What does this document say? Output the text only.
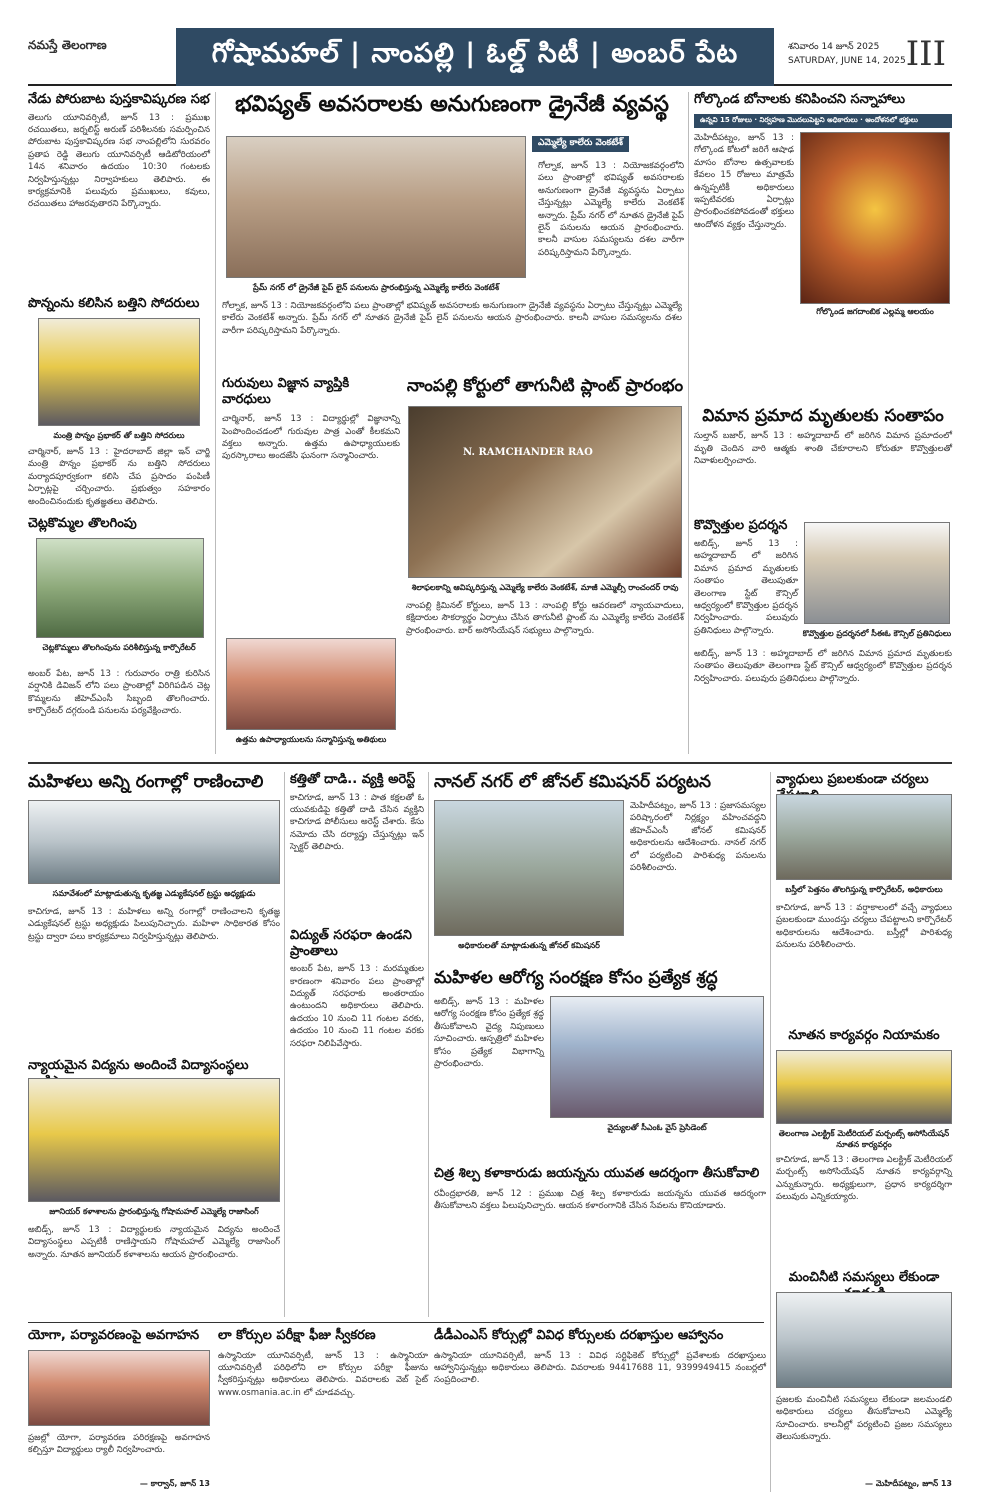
నమస్తే తెలంగాణ	గోషామహల్ | నాంపల్లి | ఓల్డ్ సిటీ | అంబర్ పేట	శనివారం 14 జూన్ 2025
SATURDAY, JUNE 14, 2025 III
నేడు పోరుబాట పుస్తకావిష్కరణ సభ
తెలుగు యూనివర్సిటీ, జూన్ 13 : ప్రముఖ రచయితలు, జర్నలిస్ట్ అరుణ్ పరిశీలనకు సమర్పించిన పోరుబాట పుస్తకావిష్కరణ సభ నాంపల్లిలోని సురవరం ప్రతాప రెడ్డి తెలుగు యూనివర్సిటీ ఆడిటోరియంలో 14న శనివారం ఉదయం 10:30 గంటలకు నిర్వహిస్తున్నట్లు నిర్వాహకులు తెలిపారు. ఈ కార్యక్రమానికి పలువురు ప్రముఖులు, కవులు, రచయితలు హాజరవుతారని పేర్కొన్నారు.
పొన్నంను కలిసిన బత్తిని సోదరులు
మంత్రి పొన్నం ప్రభాకర్ తో బత్తిని సోదరులు
చార్మినార్, జూన్ 13 : హైదరాబాద్ జిల్లా ఇన్ చార్జి మంత్రి పొన్నం ప్రభాకర్ ను బత్తిని సోదరులు మర్యాదపూర్వకంగా కలిసి చేప ప్రసాదం పంపిణీ ఏర్పాట్లపై చర్చించారు. ప్రభుత్వం సహకారం అందించినందుకు కృతజ్ఞతలు తెలిపారు.
చెట్లకొమ్మల తొలగింపు
చెట్లకొమ్మలు తొలగింపును పరిశీలిస్తున్న కార్పొరేటర్
అంబర్ పేట, జూన్ 13 : గురువారం రాత్రి కురిసిన వర్షానికి డివిజన్ లోని పలు ప్రాంతాల్లో విరిగిపడిన చెట్ల కొమ్మలను జీహెచ్ఎంసీ సిబ్బంది తొలగించారు. కార్పొరేటర్ దగ్గరుండి పనులను పర్యవేక్షించారు.
భవిష్యత్ అవసరాలకు అనుగుణంగా డ్రైనేజీ వ్యవస్థ
ఎమ్మెల్యే కాలేరు వెంకటేశ్
ప్రేమ్ నగర్ లో డ్రైనేజీ పైప్ లైన్ పనులను ప్రారంభిస్తున్న ఎమ్మెల్యే కాలేరు వెంకటేశ్
గోల్నాక, జూన్ 13 : నియోజకవర్గంలోని పలు ప్రాంతాల్లో భవిష్యత్ అవసరాలకు అనుగుణంగా డ్రైనేజీ వ్యవస్థను ఏర్పాటు చేస్తున్నట్లు ఎమ్మెల్యే కాలేరు వెంకటేశ్ అన్నారు. ప్రేమ్ నగర్ లో నూతన డ్రైనేజీ పైప్ లైన్ పనులను ఆయన ప్రారంభించారు. కాలనీ వాసుల సమస్యలను దశల వారీగా పరిష్కరిస్తామని పేర్కొన్నారు.
గోల్నాక, జూన్ 13 : నియోజకవర్గంలోని పలు ప్రాంతాల్లో భవిష్యత్ అవసరాలకు అనుగుణంగా డ్రైనేజీ వ్యవస్థను ఏర్పాటు చేస్తున్నట్లు ఎమ్మెల్యే కాలేరు వెంకటేశ్ అన్నారు. ప్రేమ్ నగర్ లో నూతన డ్రైనేజీ పైప్ లైన్ పనులను ఆయన ప్రారంభించారు. కాలనీ వాసుల సమస్యలను దశల వారీగా పరిష్కరిస్తామని పేర్కొన్నారు.
గురువులు విజ్ఞాన వ్యాప్తికి వారధులు
చార్మినార్, జూన్ 13 : విద్యార్థుల్లో విజ్ఞానాన్ని పెంపొందించడంలో గురువుల పాత్ర ఎంతో కీలకమని వక్తలు అన్నారు. ఉత్తమ ఉపాధ్యాయులకు పురస్కారాలు అందజేసి ఘనంగా సన్మానించారు.
ఉత్తమ ఉపాధ్యాయులను సన్మానిస్తున్న అతిథులు
నాంపల్లి కోర్టులో తాగునీటి ప్లాంట్ ప్రారంభం
N. RAMCHANDER RAO
శిలాఫలకాన్ని ఆవిష్కరిస్తున్న ఎమ్మెల్యే కాలేరు వెంకటేశ్, మాజీ ఎమ్మెల్సీ రాంచందర్ రావు
నాంపల్లి క్రిమినల్ కోర్టులు, జూన్ 13 : నాంపల్లి కోర్టు ఆవరణలో న్యాయవాదులు, కక్షిదారుల సౌకర్యార్థం ఏర్పాటు చేసిన తాగునీటి ప్లాంట్ ను ఎమ్మెల్యే కాలేరు వెంకటేశ్ ప్రారంభించారు. బార్ అసోసియేషన్ సభ్యులు పాల్గొన్నారు.
గోల్కొండ బోనాలకు కనిపించని సన్నాహాలు
ఉన్నవి 15 రోజులు · నిర్వహణ మొదలుపెట్టని అధికారులు · ఆందోళనలో భక్తులు
మెహిదీపట్నం, జూన్ 13 : గోల్కొండ కోటలో జరిగే ఆషాఢ మాసం బోనాల ఉత్సవాలకు కేవలం 15 రోజులు మాత్రమే ఉన్నప్పటికీ అధికారులు ఇప్పటివరకు ఏర్పాట్లు ప్రారంభించకపోవడంతో భక్తులు ఆందోళన వ్యక్తం చేస్తున్నారు.
గోల్కొండ జగదాంబిక ఎల్లమ్మ ఆలయం
విమాన ప్రమాద మృతులకు సంతాపం
సుల్తాన్ బజార్, జూన్ 13 : అహ్మదాబాద్ లో జరిగిన విమాన ప్రమాదంలో మృతి చెందిన వారి ఆత్మకు శాంతి చేకూరాలని కోరుతూ కొవ్వొత్తులతో నివాళులర్పించారు.
కొవ్వొత్తుల ప్రదర్శన
అబిడ్స్, జూన్ 13 : అహ్మదాబాద్ లో జరిగిన విమాన ప్రమాద మృతులకు సంతాపం తెలుపుతూ తెలంగాణ స్టేట్ కౌన్సిల్ ఆధ్వర్యంలో కొవ్వొత్తుల ప్రదర్శన నిర్వహించారు. పలువురు ప్రతినిధులు పాల్గొన్నారు.	కొవ్వొత్తుల ప్రదర్శనలో సీఈఓ కౌన్సిల్ ప్రతినిధులు
అబిడ్స్, జూన్ 13 : అహ్మదాబాద్ లో జరిగిన విమాన ప్రమాద మృతులకు సంతాపం తెలుపుతూ తెలంగాణ స్టేట్ కౌన్సిల్ ఆధ్వర్యంలో కొవ్వొత్తుల ప్రదర్శన నిర్వహించారు. పలువురు ప్రతినిధులు పాల్గొన్నారు.
మహిళలు అన్ని రంగాల్లో రాణించాలి
సమావేశంలో మాట్లాడుతున్న కృతజ్ఞ ఎడ్యుకేషనల్ ట్రస్టు అధ్యక్షుడు
కాచిగూడ, జూన్ 13 : మహిళలు అన్ని రంగాల్లో రాణించాలని కృతజ్ఞ ఎడ్యుకేషనల్ ట్రస్టు అధ్యక్షుడు పిలుపునిచ్చారు. మహిళా సాధికారత కోసం ట్రస్టు ద్వారా పలు కార్యక్రమాలు నిర్వహిస్తున్నట్లు తెలిపారు.
న్యాయమైన విద్యను అందించే విద్యాసంస్థలు
జూనియర్ కళాశాలను ప్రారంభిస్తున్న గోషామహల్ ఎమ్మెల్యే రాజాసింగ్
అబిడ్స్, జూన్ 13 : విద్యార్థులకు న్యాయమైన విద్యను అందించే విద్యాసంస్థలు ఎప్పటికీ రాణిస్తాయని గోషామహల్ ఎమ్మెల్యే రాజాసింగ్ అన్నారు. నూతన జూనియర్ కళాశాలను ఆయన ప్రారంభించారు.
కత్తితో దాడి.. వ్యక్తి అరెస్ట్
కాచిగూడ, జూన్ 13 : పాత కక్షలతో ఓ యువకుడిపై కత్తితో దాడి చేసిన వ్యక్తిని కాచిగూడ పోలీసులు అరెస్ట్ చేశారు. కేసు నమోదు చేసి దర్యాప్తు చేస్తున్నట్లు ఇన్ స్పెక్టర్ తెలిపారు.
విద్యుత్ సరఫరా ఉండని ప్రాంతాలు
అంబర్ పేట, జూన్ 13 : మరమ్మతుల కారణంగా శనివారం పలు ప్రాంతాల్లో విద్యుత్ సరఫరాకు అంతరాయం ఉంటుందని అధికారులు తెలిపారు. ఉదయం 10 నుంచి 11 గంటల వరకు, ఉదయం 10 నుంచి 11 గంటల వరకు సరఫరా నిలిపివేస్తారు.
యోగా, పర్యావరణంపై అవగాహన
ప్రజల్లో యోగా, పర్యావరణ పరిరక్షణపై అవగాహన కల్పిస్తూ విద్యార్థులు ర్యాలీ నిర్వహించారు.
— కార్వాన్, జూన్ 13
లా కోర్సుల పరీక్షా ఫీజు స్వీకరణ
ఉస్మానియా యూనివర్సిటీ, జూన్ 13 : ఉస్మానియా యూనివర్సిటీ పరిధిలోని లా కోర్సుల పరీక్షా ఫీజును స్వీకరిస్తున్నట్లు అధికారులు తెలిపారు. వివరాలకు వెబ్ సైట్ www.osmania.ac.in లో చూడవచ్చు.
నానల్ నగర్ లో జోనల్ కమిషనర్ పర్యటన
అధికారులతో మాట్లాడుతున్న జోనల్ కమిషనర్
మెహిదీపట్నం, జూన్ 13 : ప్రజాసమస్యల పరిష్కారంలో నిర్లక్ష్యం వహించవద్దని జీహెచ్ఎంసీ జోనల్ కమిషనర్ అధికారులను ఆదేశించారు. నానల్ నగర్ లో పర్యటించి పారిశుధ్య పనులను పరిశీలించారు.
మహిళల ఆరోగ్య సంరక్షణ కోసం ప్రత్యేక శ్రద్ధ
అబిడ్స్, జూన్ 13 : మహిళల ఆరోగ్య సంరక్షణ కోసం ప్రత్యేక శ్రద్ధ తీసుకోవాలని వైద్య నిపుణులు సూచించారు. ఆస్పత్రిలో మహిళల కోసం ప్రత్యేక విభాగాన్ని ప్రారంభించారు.
వైద్యులతో సీఎంఓ వైస్ ప్రెసిడెంట్
చిత్ర శిల్ప కళాకారుడు జయన్నను యువత ఆదర్శంగా తీసుకోవాలి
రవీంద్రభారతి, జూన్ 12 : ప్రముఖ చిత్ర శిల్ప కళాకారుడు జయన్నను యువత ఆదర్శంగా తీసుకోవాలని వక్తలు పిలుపునిచ్చారు. ఆయన కళారంగానికి చేసిన సేవలను కొనియాడారు.
డీడీఎంఎస్ కోర్సుల్లో వివిధ కోర్సులకు దరఖాస్తుల ఆహ్వానం
ఉస్మానియా యూనివర్సిటీ, జూన్ 13 : వివిధ సర్టిఫికెట్ కోర్సుల్లో ప్రవేశాలకు దరఖాస్తులు ఆహ్వానిస్తున్నట్లు అధికారులు తెలిపారు. వివరాలకు 94417688 11, 9399949415 నంబర్లలో సంప్రదించాలి.
వ్యాధులు ప్రబలకుండా చర్యలు
బస్తీలో పెత్తనం తొలగిస్తున్న కార్పొరేటర్, అధికారులు
కాచిగూడ, జూన్ 13 : వర్షాకాలంలో వచ్చే వ్యాధులు ప్రబలకుండా ముందస్తు చర్యలు చేపట్టాలని కార్పొరేటర్ అధికారులను ఆదేశించారు. బస్తీల్లో పారిశుధ్య పనులను పరిశీలించారు.
నూతన కార్యవర్గం నియామకం
తెలంగాణ ఎలక్ట్రిక్ మెటీరియల్ మర్చంట్స్ అసోసియేషన్ నూతన కార్యవర్గం
కాచిగూడ, జూన్ 13 : తెలంగాణ ఎలక్ట్రిక్ మెటీరియల్ మర్చంట్స్ అసోసియేషన్ నూతన కార్యవర్గాన్ని ఎన్నుకున్నారు. అధ్యక్షులుగా, ప్రధాన కార్యదర్శిగా పలువురు ఎన్నికయ్యారు.
మంచినీటి సమస్యలు లేకుండా
ప్రజలకు మంచినీటి సమస్యలు లేకుండా జలమండలి అధికారులు చర్యలు తీసుకోవాలని ఎమ్మెల్యే సూచించారు. కాలనీల్లో పర్యటించి ప్రజల సమస్యలు తెలుసుకున్నారు.
— మెహిదీపట్నం, జూన్ 13
